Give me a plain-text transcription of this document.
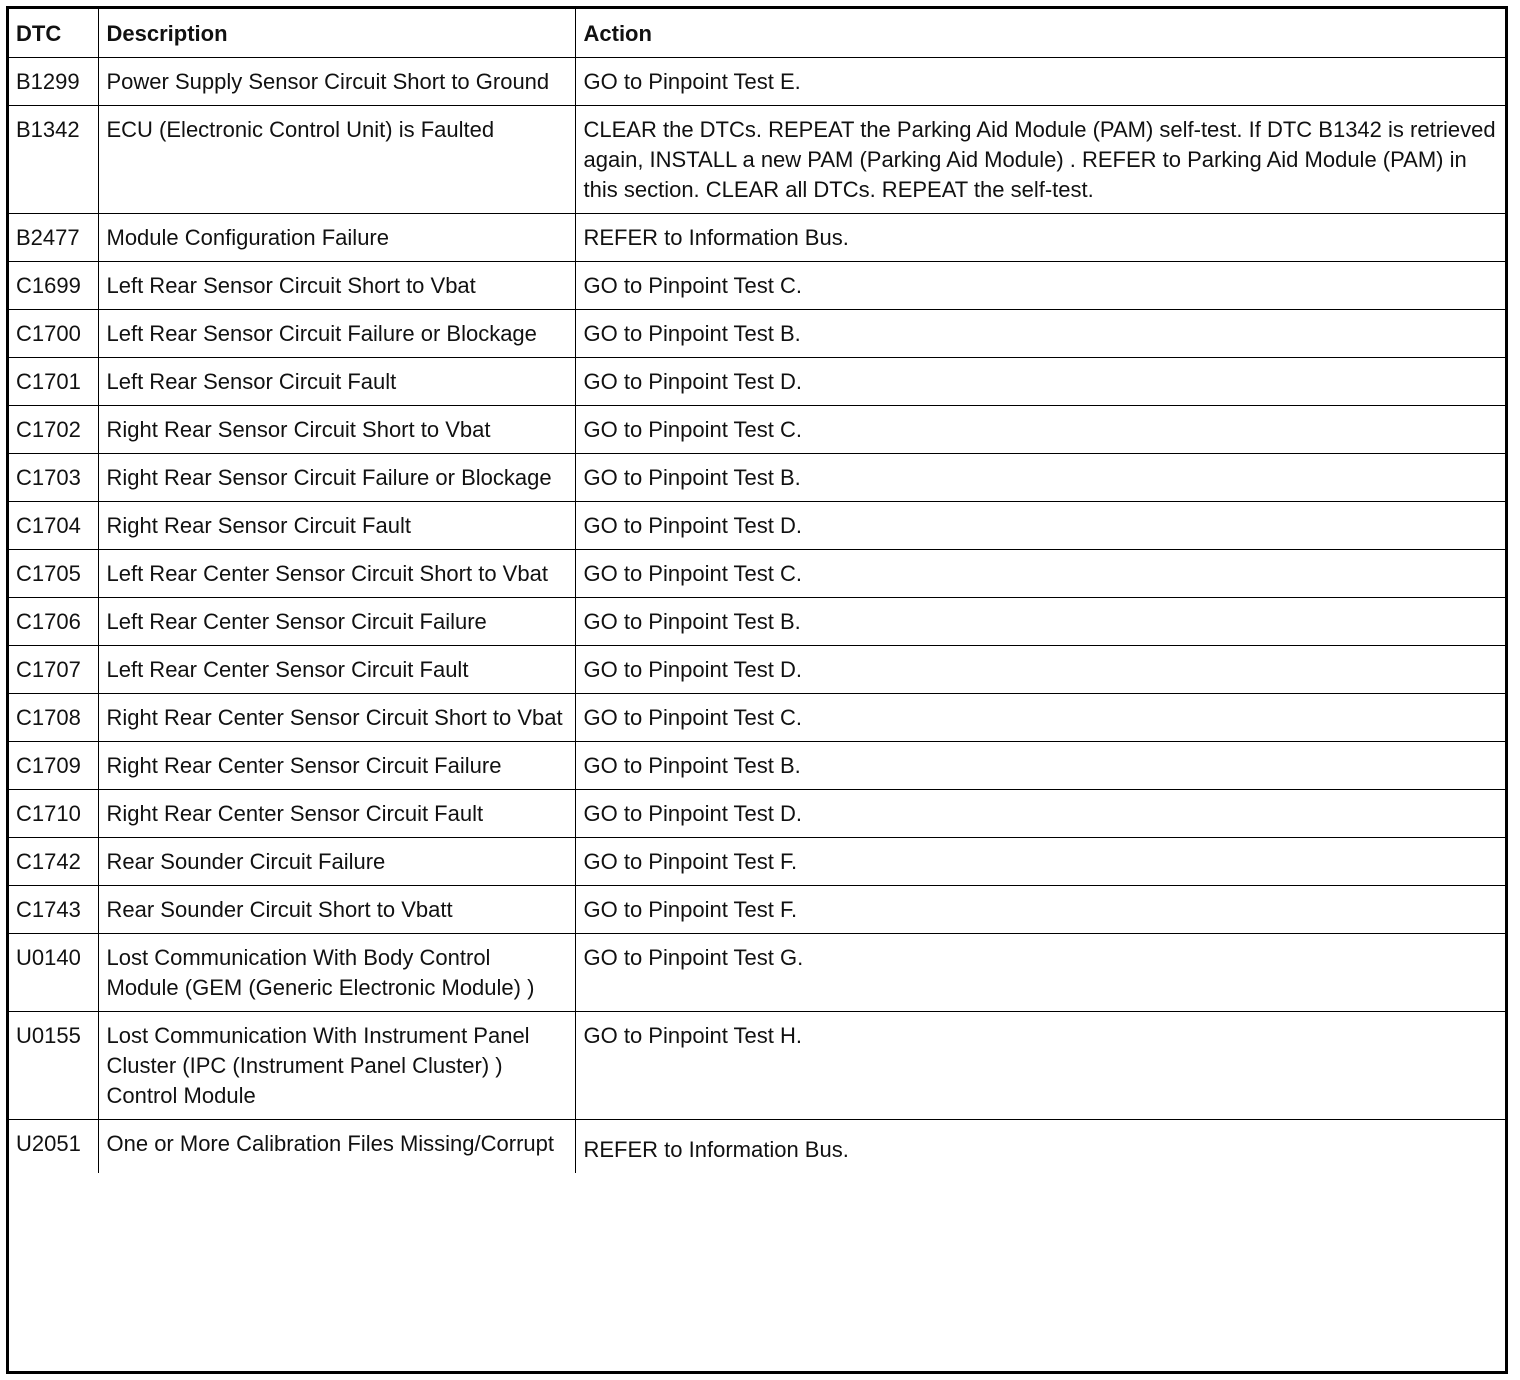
DTC	Description	Action
B1299	Power Supply Sensor Circuit Short to Ground	GO to Pinpoint Test E.
B1342	ECU (Electronic Control Unit) is Faulted	CLEAR the DTCs. REPEAT the Parking Aid Module (PAM) self-test. If DTC B1342 is retrieved again, INSTALL a new PAM (Parking Aid Module) . REFER to Parking Aid Module (PAM) in this section. CLEAR all DTCs. REPEAT the self-test.
B2477	Module Configuration Failure	REFER to Information Bus.
C1699	Left Rear Sensor Circuit Short to Vbat	GO to Pinpoint Test C.
C1700	Left Rear Sensor Circuit Failure or Blockage	GO to Pinpoint Test B.
C1701	Left Rear Sensor Circuit Fault	GO to Pinpoint Test D.
C1702	Right Rear Sensor Circuit Short to Vbat	GO to Pinpoint Test C.
C1703	Right Rear Sensor Circuit Failure or Blockage	GO to Pinpoint Test B.
C1704	Right Rear Sensor Circuit Fault	GO to Pinpoint Test D.
C1705	Left Rear Center Sensor Circuit Short to Vbat	GO to Pinpoint Test C.
C1706	Left Rear Center Sensor Circuit Failure	GO to Pinpoint Test B.
C1707	Left Rear Center Sensor Circuit Fault	GO to Pinpoint Test D.
C1708	Right Rear Center Sensor Circuit Short to Vbat	GO to Pinpoint Test C.
C1709	Right Rear Center Sensor Circuit Failure	GO to Pinpoint Test B.
C1710	Right Rear Center Sensor Circuit Fault	GO to Pinpoint Test D.
C1742	Rear Sounder Circuit Failure	GO to Pinpoint Test F.
C1743	Rear Sounder Circuit Short to Vbatt	GO to Pinpoint Test F.
U0140	Lost Communication With Body Control Module (GEM (Generic Electronic Module) )	GO to Pinpoint Test G.
U0155	Lost Communication With Instrument Panel Cluster (IPC (Instrument Panel Cluster) ) Control Module	GO to Pinpoint Test H.
U2051	One or More Calibration Files Missing/Corrupt	REFER to Information Bus.
